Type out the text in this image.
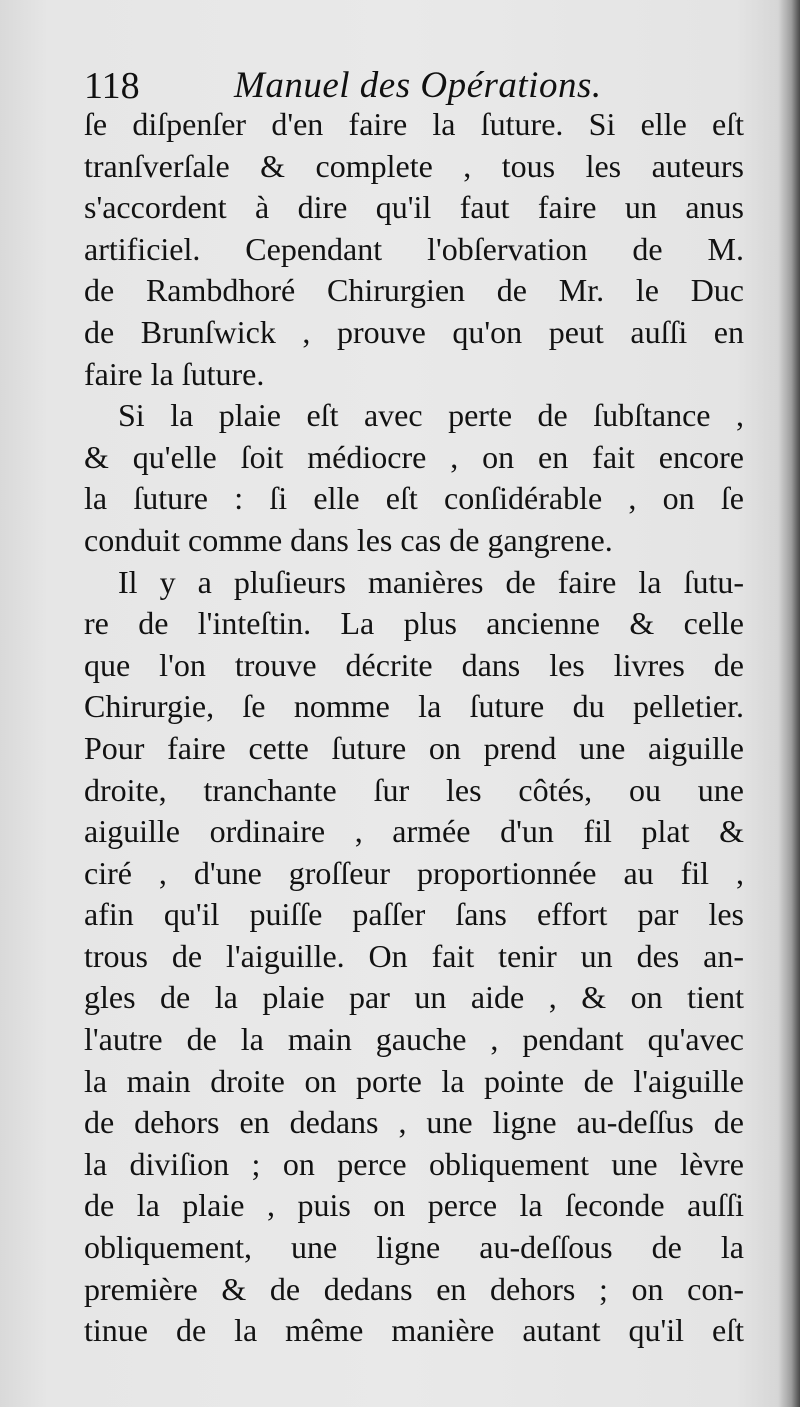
118	Manuel des Opérations.
ſe diſpenſer d'en faire la ſuture. Si elle eſt
tranſverſale & complete , tous les auteurs
s'accordent à dire qu'il faut faire un anus
artificiel. Cependant l'obſervation de M.
de Rambdhoré Chirurgien de Mr. le Duc
de Brunſwick , prouve qu'on peut auſſi en
faire la ſuture.
Si la plaie eſt avec perte de ſubſtance ,
& qu'elle ſoit médiocre , on en fait encore
la ſuture : ſi elle eſt conſidérable , on ſe
conduit comme dans les cas de gangrene.
Il y a pluſieurs manières de faire la ſutu-
re de l'inteſtin. La plus ancienne & celle
que l'on trouve décrite dans les livres de
Chirurgie, ſe nomme la ſuture du pelletier.
Pour faire cette ſuture on prend une aiguille
droite, tranchante ſur les côtés, ou une
aiguille ordinaire , armée d'un fil plat &
ciré , d'une groſſeur proportionnée au fil ,
afin qu'il puiſſe paſſer ſans effort par les
trous de l'aiguille. On fait tenir un des an-
gles de la plaie par un aide , & on tient
l'autre de la main gauche , pendant qu'avec
la main droite on porte la pointe de l'aiguille
de dehors en dedans , une ligne au-deſſus de
la diviſion ; on perce obliquement une lèvre
de la plaie , puis on perce la ſeconde auſſi
obliquement, une ligne au-deſſous de la
première & de dedans en dehors ; on con-
tinue de la même manière autant qu'il eſt
